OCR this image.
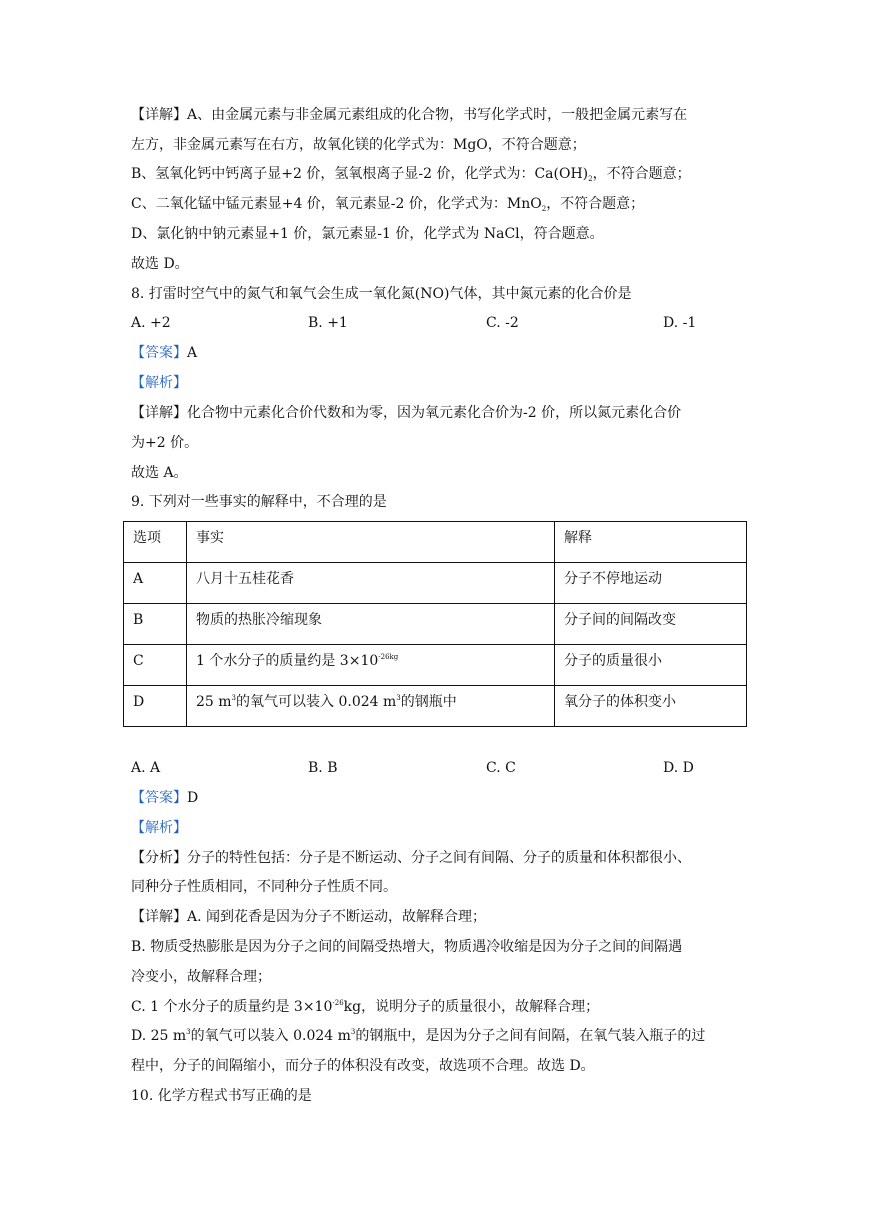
【详解】A、由金属元素与非金属元素组成的化合物，书写化学式时，一般把金属元素写在
左方，非金属元素写在右方，故氧化镁的化学式为：MgO，不符合题意；
B、氢氧化钙中钙离子显+2 价，氢氧根离子显-2 价，化学式为：$Ca(OH)_2$，不符合题意；
C、二氧化锰中锰元素显+4 价，氧元素显-2 价，化学式为：MnO$_2$，不符合题意；
D、氯化钠中钠元素显+1 价，氯元素显-1 价，化学式为 NaCl，符合题意。
故选 D。
8. 打雷时空气中的氮气和氧气会生成一氧化氮(NO)气体，其中氮元素的化合价是
A. +2	B. +1	C. -2	D. -1
【答案】A
【解析】
【详解】化合物中元素化合价代数和为零，因为氧元素化合价为-2 价，所以氮元素化合价
为+2 价。
故选 A。
9. 下列对一些事实的解释中，不合理的是
选项	事实	解释
A	八月十五桂花香	分子不停地运动
B	物质的热胀冷缩现象	分子间的间隔改变
C	1 个水分子的质量约是 $3\times 10^{-26kg}$	分子的质量很小
D	25 $m^3$的氧气可以装入 0.024 $m^3$的钢瓶中	氧分子的体积变小
A. A	B. B	C. C	D. D
【答案】D
【解析】
【分析】分子的特性包括：分子是不断运动、分子之间有间隔、分子的质量和体积都很小、
同种分子性质相同，不同种分子性质不同。
【详解】A. 闻到花香是因为分子不断运动，故解释合理；
B. 物质受热膨胀是因为分子之间的间隔受热增大，物质遇冷收缩是因为分子之间的间隔遇
冷变小，故解释合理；
C. 1 个水分子的质量约是 $3\times 10^{-26}kg$，说明分子的质量很小，故解释合理；
D. 25 $m^3$的氧气可以装入 0.024 $m^3$的钢瓶中，是因为分子之间有间隔，在氧气装入瓶子的过
程中，分子的间隔缩小，而分子的体积没有改变，故选项不合理。故选 D。
10. 化学方程式书写正确的是
